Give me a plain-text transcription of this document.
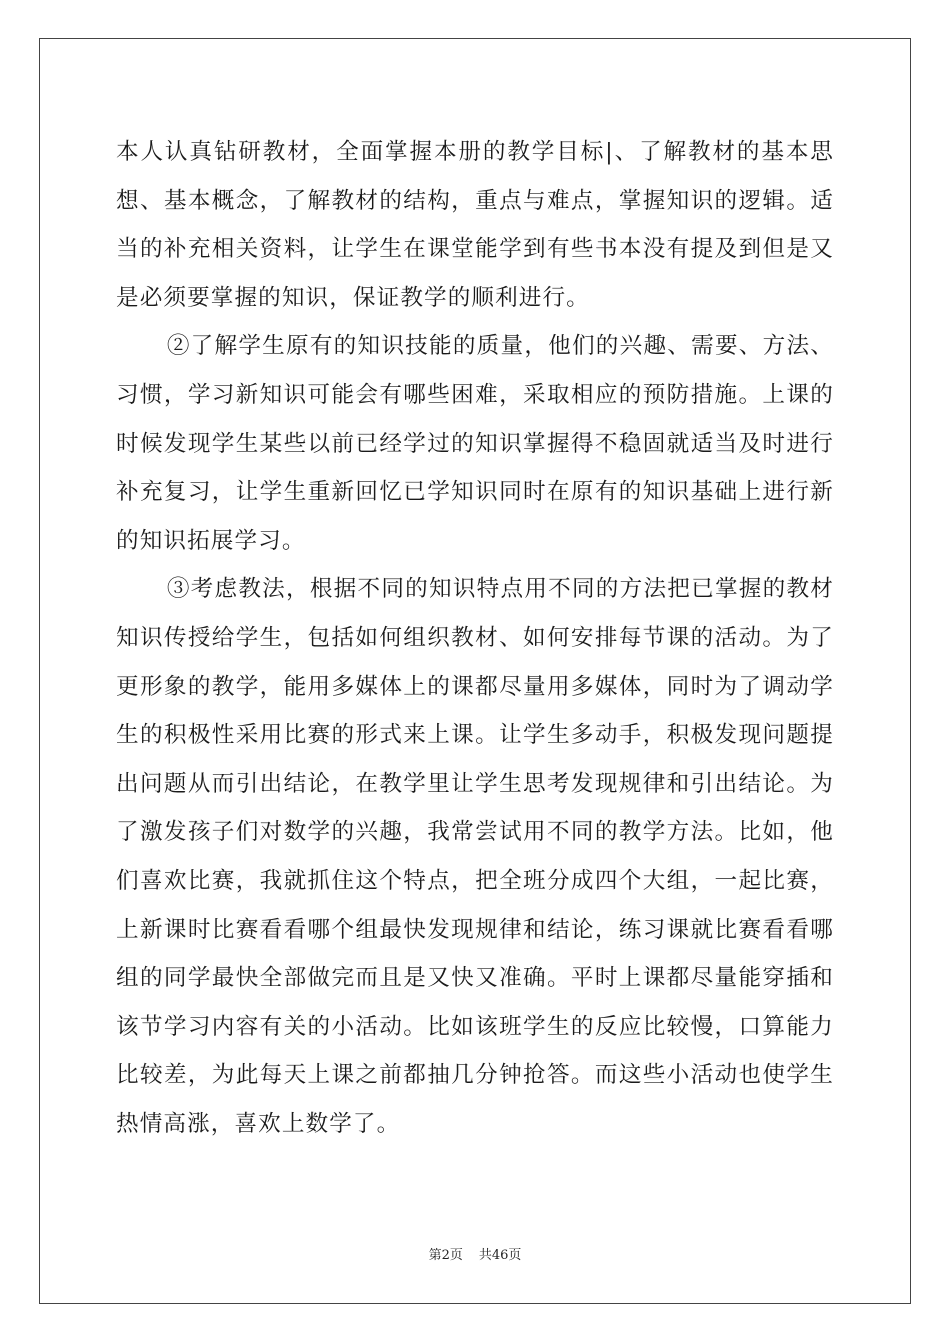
本人认真钻研教材，全面掌握本册的教学目标|、了解教材的基本思想、基本概念，了解教材的结构，重点与难点，掌握知识的逻辑。适当的补充相关资料，让学生在课堂能学到有些书本没有提及到但是又是必须要掌握的知识，保证教学的顺利进行。

②了解学生原有的知识技能的质量，他们的兴趣、需要、方法、习惯，学习新知识可能会有哪些困难，采取相应的预防措施。上课的时候发现学生某些以前已经学过的知识掌握得不稳固就适当及时进行补充复习，让学生重新回忆已学知识同时在原有的知识基础上进行新的知识拓展学习。

③考虑教法，根据不同的知识特点用不同的方法把已掌握的教材知识传授给学生，包括如何组织教材、如何安排每节课的活动。为了更形象的教学，能用多媒体上的课都尽量用多媒体，同时为了调动学生的积极性采用比赛的形式来上课。让学生多动手，积极发现问题提出问题从而引出结论，在教学里让学生思考发现规律和引出结论。为了激发孩子们对数学的兴趣，我常尝试用不同的教学方法。比如，他们喜欢比赛，我就抓住这个特点，把全班分成四个大组，一起比赛，上新课时比赛看看哪个组最快发现规律和结论，练习课就比赛看看哪组的同学最快全部做完而且是又快又准确。平时上课都尽量能穿插和该节学习内容有关的小活动。比如该班学生的反应比较慢，口算能力比较差，为此每天上课之前都抽几分钟抢答。而这些小活动也使学生热情高涨，喜欢上数学了。

第2页 共46页
